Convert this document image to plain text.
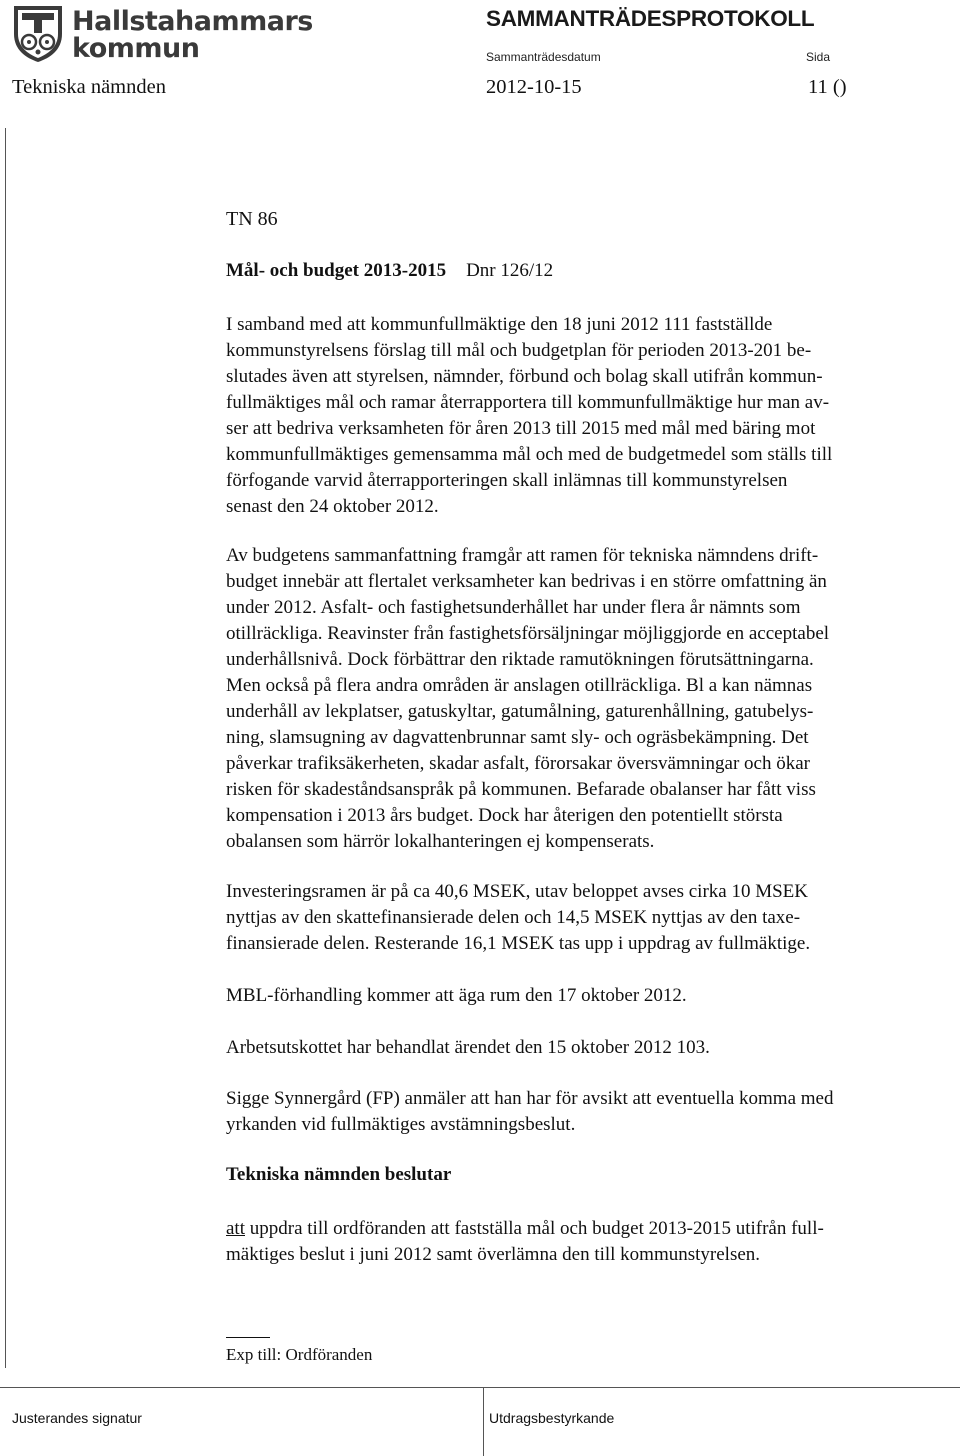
Hallstahammars
kommun
SAMMANTRÄDESPROTOKOLL
Sammanträdesdatum	Sida
Tekniska nämnden	2012-10-15	11 ()
TN 86
Mål- och budget 2013-2015 Dnr 126/12

I samband med att kommunfullmäktige den 18 juni 2012 111 fastställde

kommunstyrelsens förslag till mål och budgetplan för perioden 2013-201 be-

slutades även att styrelsen, nämnder, förbund och bolag skall utifrån kommun-

fullmäktiges mål och ramar återrapportera till kommunfullmäktige hur man av-

ser att bedriva verksamheten för åren 2013 till 2015 med mål med bäring mot

kommunfullmäktiges gemensamma mål och med de budgetmedel som ställs till

förfogande varvid återrapporteringen skall inlämnas till kommunstyrelsen

senast den 24 oktober 2012.

Av budgetens sammanfattning framgår att ramen för tekniska nämndens drift-

budget innebär att flertalet verksamheter kan bedrivas i en större omfattning än

under 2012. Asfalt- och fastighetsunderhållet har under flera år nämnts som

otillräckliga. Reavinster från fastighetsförsäljningar möjliggjorde en acceptabel

underhållsnivå. Dock förbättrar den riktade ramutökningen förutsättningarna.

Men också på flera andra områden är anslagen otillräckliga. Bl a kan nämnas

underhåll av lekplatser, gatuskyltar, gatumålning, gaturenhållning, gatubelys-

ning, slamsugning av dagvattenbrunnar samt sly- och ogräsbekämpning. Det

påverkar trafiksäkerheten, skadar asfalt, förorsakar översvämningar och ökar

risken för skadeståndsanspråk på kommunen. Befarade obalanser har fått viss

kompensation i 2013 års budget. Dock har återigen den potentiellt största

obalansen som härrör lokalhanteringen ej kompenserats.

Investeringsramen är på ca 40,6 MSEK, utav beloppet avses cirka 10 MSEK

nyttjas av den skattefinansierade delen och 14,5 MSEK nyttjas av den taxe-

finansierade delen. Resterande 16,1 MSEK tas upp i uppdrag av fullmäktige.

MBL-förhandling kommer att äga rum den 17 oktober 2012.

Arbetsutskottet har behandlat ärendet den 15 oktober 2012 103.

Sigge Synnergård (FP) anmäler att han har för avsikt att eventuella komma med

yrkanden vid fullmäktiges avstämningsbeslut.

Tekniska nämnden beslutar

att uppdra till ordföranden att fastställa mål och budget 2013-2015 utifrån full-

mäktiges beslut i juni 2012 samt överlämna den till kommunstyrelsen.

Exp till: Ordföranden
Justerandes signatur	Utdragsbestyrkande
